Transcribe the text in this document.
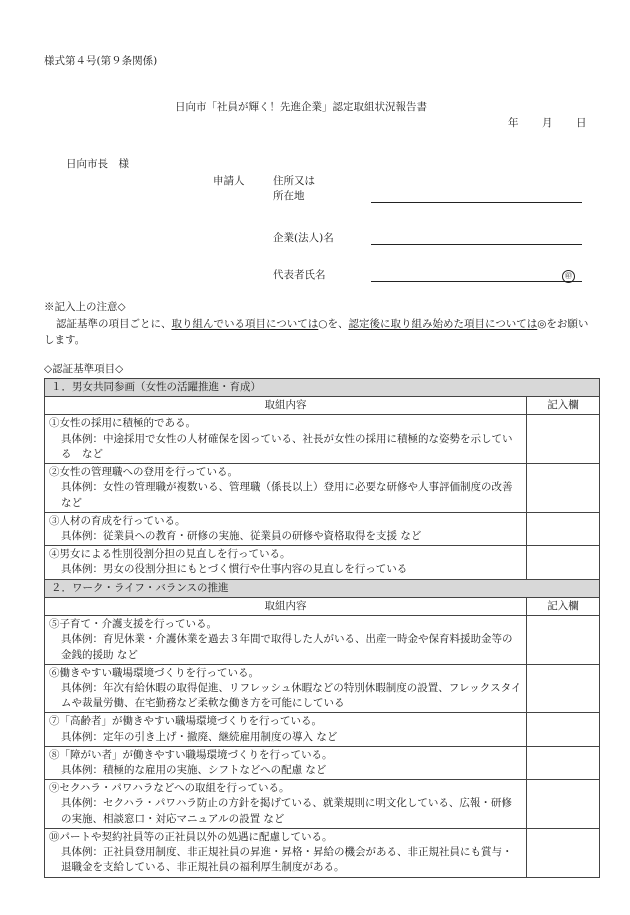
様式第４号(第９条関係)
日向市「社員が輝く！先進企業」認定取組状況報告書
年 月 日
日向市長　様
申請人	住所又は
所在地
企業(法人)名
代表者氏名	㊞
※記入上の注意◇
認証基準の項目ごとに、取り組んでいる項目については○を、認定後に取り組み始めた項目については◎をお願いします。
◇認証基準項目◇
１．男女共同参画（女性の活躍推進・育成）	
取組内容	記入欄
①女性の採用に積極的である。
具体例：中途採用で女性の人材確保を図っている、社長が女性の採用に積極的な姿勢を示している　など	

②女性の管理職への登用を行っている。
具体例：女性の管理職が複数いる、管理職（係長以上）登用に必要な研修や人事評価制度の改善など	

③人材の育成を行っている。
具体例：従業員への教育・研修の実施、従業員の研修や資格取得を支援 など	

④男女による性別役割分担の見直しを行っている。
具体例：男女の役割分担にもとづく慣行や仕事内容の見直しを行っている	

２．ワーク・ライフ・バランスの推進	
取組内容	記入欄
⑤子育て・介護支援を行っている。
具体例：育児休業・介護休業を過去３年間で取得した人がいる、出産一時金や保育料援助金等の金銭的援助 など	

⑥働きやすい職場環境づくりを行っている。
具体例：年次有給休暇の取得促進、リフレッシュ休暇などの特別休暇制度の設置、フレックスタイムや裁量労働、在宅勤務など柔軟な働き方を可能にしている	

⑦「高齢者」が働きやすい職場環境づくりを行っている。
具体例：定年の引き上げ・撤廃、継続雇用制度の導入 など	

⑧「障がい者」が働きやすい職場環境づくりを行っている。
具体例：積極的な雇用の実施、シフトなどへの配慮 など	

⑨セクハラ・パワハラなどへの取組を行っている。
具体例：セクハラ・パワハラ防止の方針を掲げている、就業規則に明文化している、広報・研修の実施、相談窓口・対応マニュアルの設置 など	

⑩パートや契約社員等の正社員以外の処遇に配慮している。
具体例：正社員登用制度、非正規社員の昇進・昇格・昇給の機会がある、非正規社員にも賞与・退職金を支給している、非正規社員の福利厚生制度がある。	
